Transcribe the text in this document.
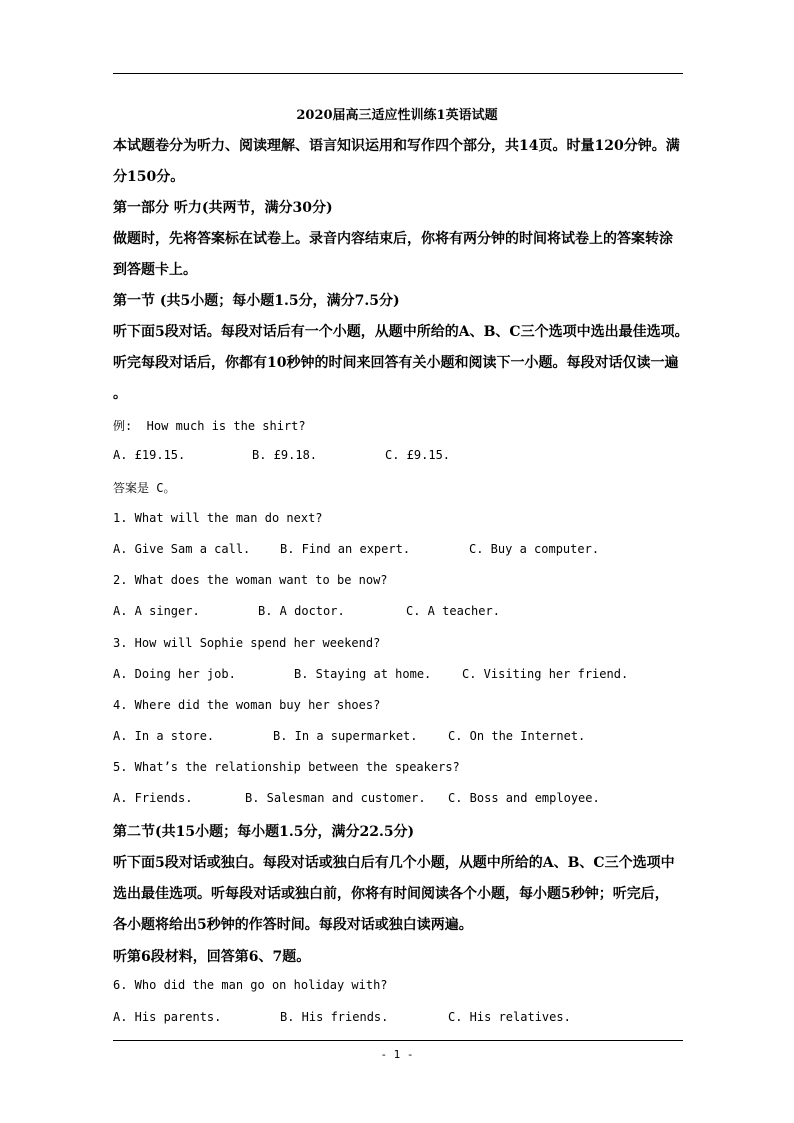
2020届高三适应性训练1英语试题
本试题卷分为听力、阅读理解、语言知识运用和写作四个部分，共14页。时量120分钟。满
分150分。
第一部分 听力(共两节，满分30分)
做题时，先将答案标在试卷上。录音内容结束后，你将有两分钟的时间将试卷上的答案转涂
到答题卡上。
第一节 (共5小题；每小题1.5分，满分7.5分)
听下面5段对话。每段对话后有一个小题，从题中所给的A、B、C三个选项中选出最佳选项。
听完每段对话后，你都有10秒钟的时间来回答有关小题和阅读下一小题。每段对话仅读一遍
。
例:  How much is the shirt?
A. £19.15.	B. £9.18.	C. £9.15.
答案是 C。
1. What will the man do next?
A. Give Sam a call. B. Find an expert.	C. Buy a computer.
2. What does the woman want to be now?
A. A singer.	B. A doctor.	C. A teacher.
3. How will Sophie spend her weekend?
A. Doing her job.	B. Staying at home.	C. Visiting her friend.
4. Where did the woman buy her shoes?
A. In a store.	B. In a supermarket.	C. On the Internet.
5. What’s the relationship between the speakers?
A. Friends.	B. Salesman and customer. C. Boss and employee.
第二节(共15小题；每小题1.5分，满分22.5分)
听下面5段对话或独白。每段对话或独白后有几个小题，从题中所给的A、B、C三个选项中
选出最佳选项。听每段对话或独白前，你将有时间阅读各个小题，每小题5秒钟；听完后，
各小题将给出5秒钟的作答时间。每段对话或独白读两遍。
听第6段材料，回答第6、7题。
6. Who did the man go on holiday with?
A. His parents.	B. His friends.	C. His relatives.
- 1 -
